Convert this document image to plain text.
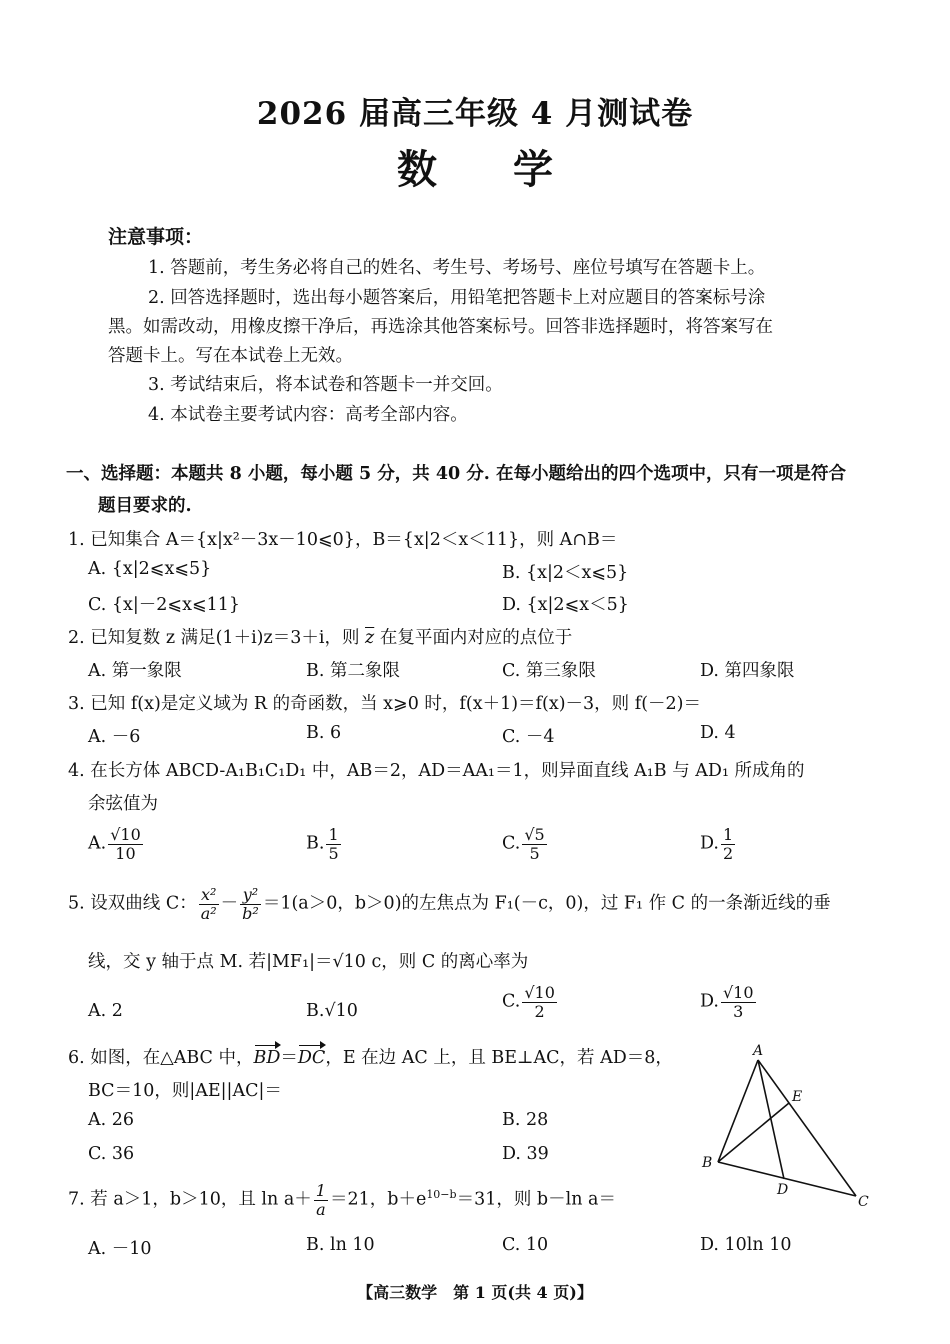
2026 届高三年级 4 月测试卷
数学
注意事项：
1. 答题前，考生务必将自己的姓名、考生号、考场号、座位号填写在答题卡上。
2. 回答选择题时，选出每小题答案后，用铅笔把答题卡上对应题目的答案标号涂
黑。如需改动，用橡皮擦干净后，再选涂其他答案标号。回答非选择题时，将答案写在
答题卡上。写在本试卷上无效。
3. 考试结束后，将本试卷和答题卡一并交回。
4. 本试卷主要考试内容：高考全部内容。
一、选择题：本题共 8 小题，每小题 5 分，共 40 分. 在每小题给出的四个选项中，只有一项是符合
题目要求的.
1. 已知集合 A＝{x|x²－3x－10⩽0}，B＝{x|2＜x＜11}，则 A∩B＝
A. {x|2⩽x⩽5}	B. {x|2＜x⩽5}
C. {x|－2⩽x⩽11}	D. {x|2⩽x＜5}
2. 已知复数 z 满足(1＋i)z＝3＋i，则 $\overline{z}$ 在复平面内对应的点位于
A. 第一象限	B. 第二象限	C. 第三象限	D. 第四象限
3. 已知 f(x)是定义域为 R 的奇函数，当 x⩾0 时，f(x＋1)＝f(x)－3，则 f(－2)＝
A. －6	B. 6	C. －4	D. 4
4. 在长方体 ABCD-A₁B₁C₁D₁ 中，AB＝2，AD＝AA₁＝1，则异面直线 A₁B 与 AD₁ 所成角的
余弦值为
A. $\frac{√10}{10}$	B. $\frac{1}{5}$	C. $\frac{√5}{5}$	D. $\frac{1}{2}$
5. 设双曲线 C： $\frac{\text{x²}}{\text{a²}} - \frac{\text{y²}}{\text{b²}} =1(a>0$，b＞0)的左焦点为 F₁(－c，0)，过 F₁ 作 C 的一条渐近线的垂
线，交 y 轴于点 M. 若|MF₁|＝√10 c，则 C 的离心率为
A. 2	B.√10	C. $\frac{√10}{2}$	D. $\frac{√10}{3}$
6. 如图，在△ABC 中，BD＝DC，E 在边 AC 上，且 BE⊥AC，若 AD＝8，
BC＝10，则|AE||AC|＝
A. 26	B. 28
C. 36	D. 39
A
B
C
D
E
7. 若 a＞1，b＞10，且 $\ln a+ \frac{1}{a} =21$，$b+e^{10-b}=31$，则 b－ln a＝
A. －10	B. ln 10	C. 10	D. 10ln 10
【高三数学　第 1 页(共 4 页)】
